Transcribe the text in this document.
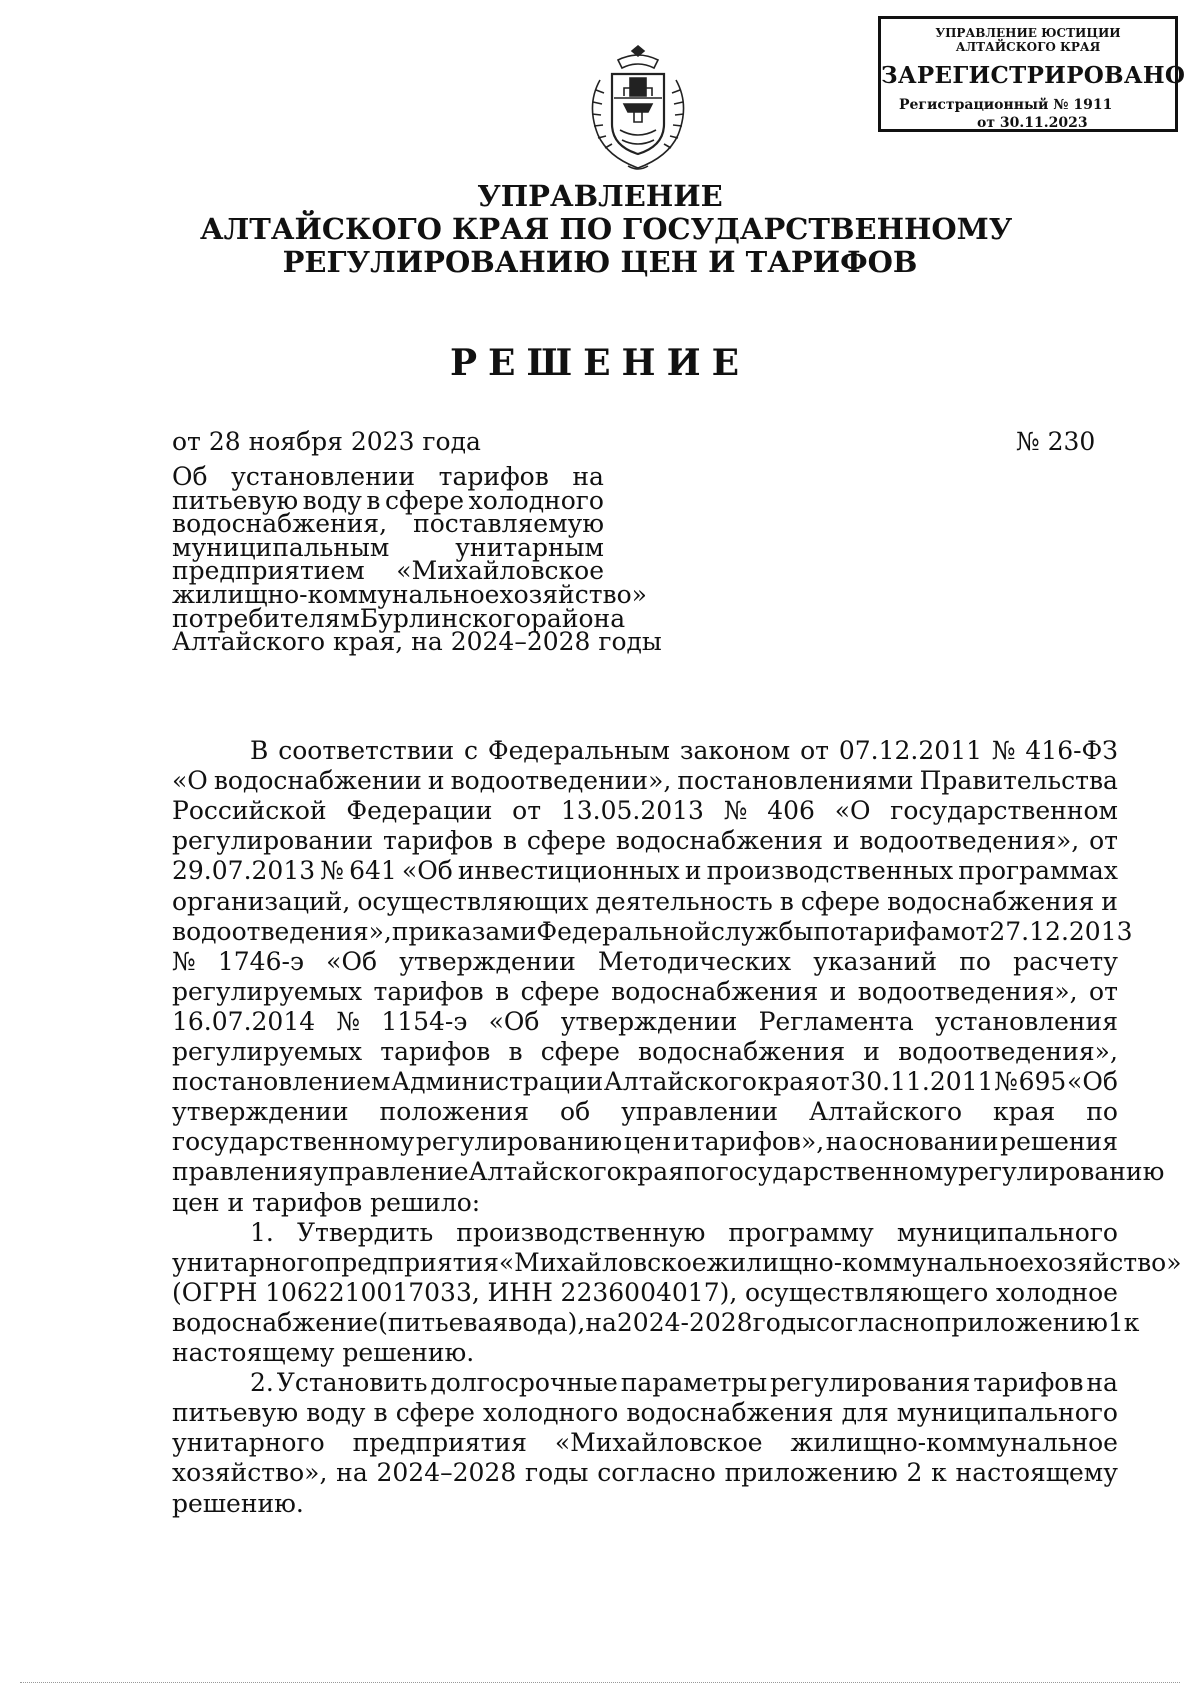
УПРАВЛЕНИЕ ЮСТИЦИИ
АЛТАЙСКОГО КРАЯ
ЗАРЕГИСТРИРОВАНО
Регистрационный № 1911
от 30.11.2023
УПРАВЛЕНИЕ
АЛТАЙСКОГО КРАЯ ПО ГОСУДАРСТВЕННОМУ
РЕГУЛИРОВАНИЮ ЦЕН И ТАРИФОВ
РЕШЕНИЕ
от 28 ноября 2023 года	№ 230
Об установлении тарифов на
питьевую воду в сфере холодного
водоснабжения, поставляемую
муниципальным	унитарным
предприятием «Михайловское
жилищно-коммунальное хозяйство»
потребителям Бурлинского района
Алтайского края, на 2024–2028 годы
В соответствии с Федеральным законом от 07.12.2011 № 416-ФЗ
«О водоснабжении и водоотведении», постановлениями Правительства
Российской Федерации от 13.05.2013 № 406 «О государственном
регулировании тарифов в сфере водоснабжения и водоотведения», от
29.07.2013 № 641 «Об инвестиционных и производственных программах
организаций, осуществляющих деятельность в сфере водоснабжения и
водоотведения», приказами Федеральной службы по тарифам от 27.12.2013
№ 1746-э «Об утверждении Методических указаний по расчету
регулируемых тарифов в сфере водоснабжения и водоотведения», от
16.07.2014 № 1154-э «Об утверждении Регламента установления
регулируемых тарифов в сфере водоснабжения и водоотведения»,
постановлением Администрации Алтайского края от 30.11.2011 № 695 «Об
утверждении положения об управлении Алтайского края по
государственному регулированию цен и тарифов», на основании решения
правления управление Алтайского края по государственному регулированию
цен и тарифов решило:
1. Утвердить производственную программу муниципального
унитарного предприятия «Михайловское жилищно-коммунальное хозяйство»
(ОГРН 1062210017033, ИНН 2236004017), осуществляющего холодное
водоснабжение (питьевая вода), на 2024-2028 годы согласно приложению 1 к
настоящему решению.
2. Установить долгосрочные параметры регулирования тарифов на
питьевую воду в сфере холодного водоснабжения для муниципального
унитарного предприятия «Михайловское жилищно-коммунальное
хозяйство», на 2024–2028 годы согласно приложению 2 к настоящему
решению.
